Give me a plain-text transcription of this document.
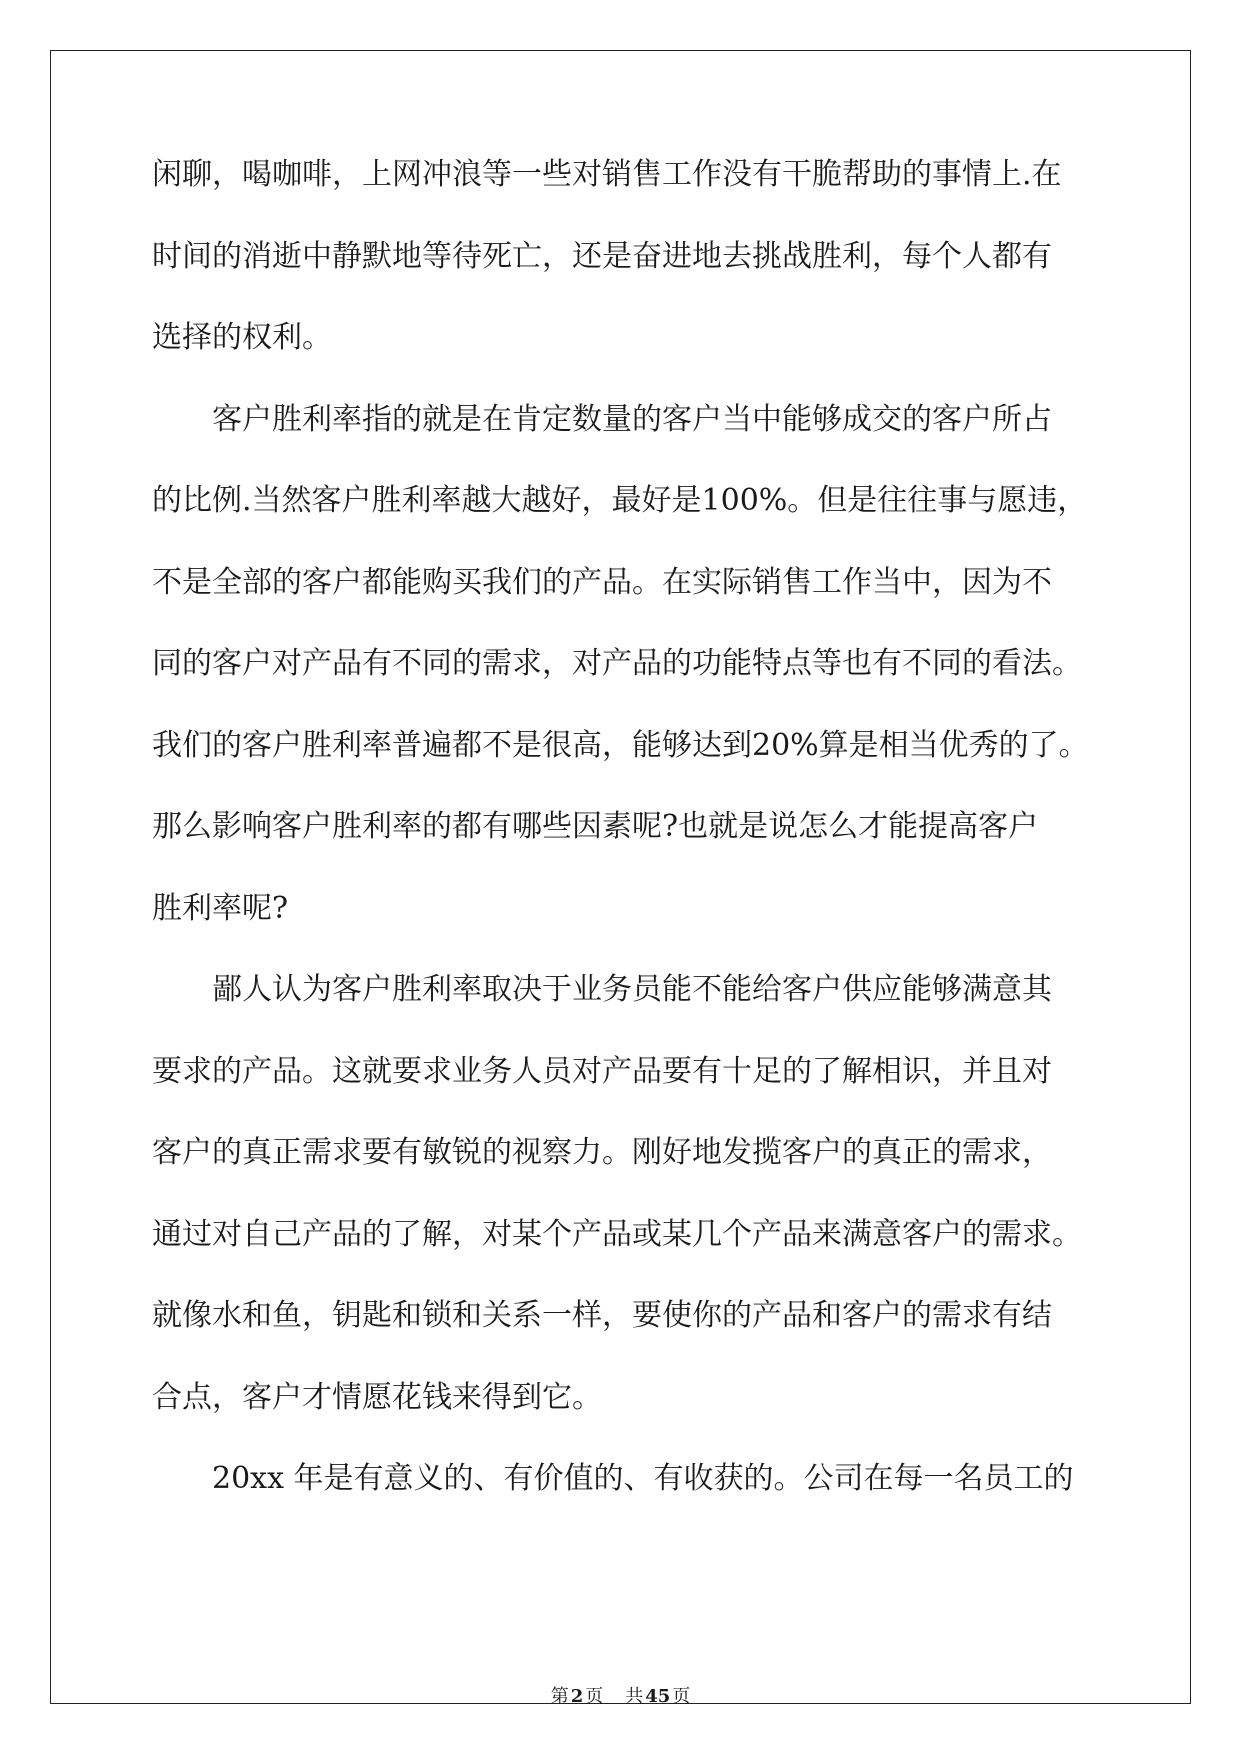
闲聊，喝咖啡，上网冲浪等一些对销售工作没有干脆帮助的事情上.在
时间的消逝中静默地等待死亡，还是奋进地去挑战胜利，每个人都有
选择的权利。
　　客户胜利率指的就是在肯定数量的客户当中能够成交的客户所占
的比例.当然客户胜利率越大越好，最好是100%。但是往往事与愿违，
不是全部的客户都能购买我们的产品。在实际销售工作当中，因为不
同的客户对产品有不同的需求，对产品的功能特点等也有不同的看法。
我们的客户胜利率普遍都不是很高，能够达到20%算是相当优秀的了。
那么影响客户胜利率的都有哪些因素呢?也就是说怎么才能提高客户
胜利率呢?
　　鄙人认为客户胜利率取决于业务员能不能给客户供应能够满意其
要求的产品。这就要求业务人员对产品要有十足的了解相识，并且对
客户的真正需求要有敏锐的视察力。刚好地发揽客户的真正的需求，
通过对自己产品的了解，对某个产品或某几个产品来满意客户的需求。
就像水和鱼，钥匙和锁和关系一样，要使你的产品和客户的需求有结
合点，客户才情愿花钱来得到它。
　　20xx 年是有意义的、有价值的、有收获的。公司在每一名员工的
第 2 页 共 45 页
